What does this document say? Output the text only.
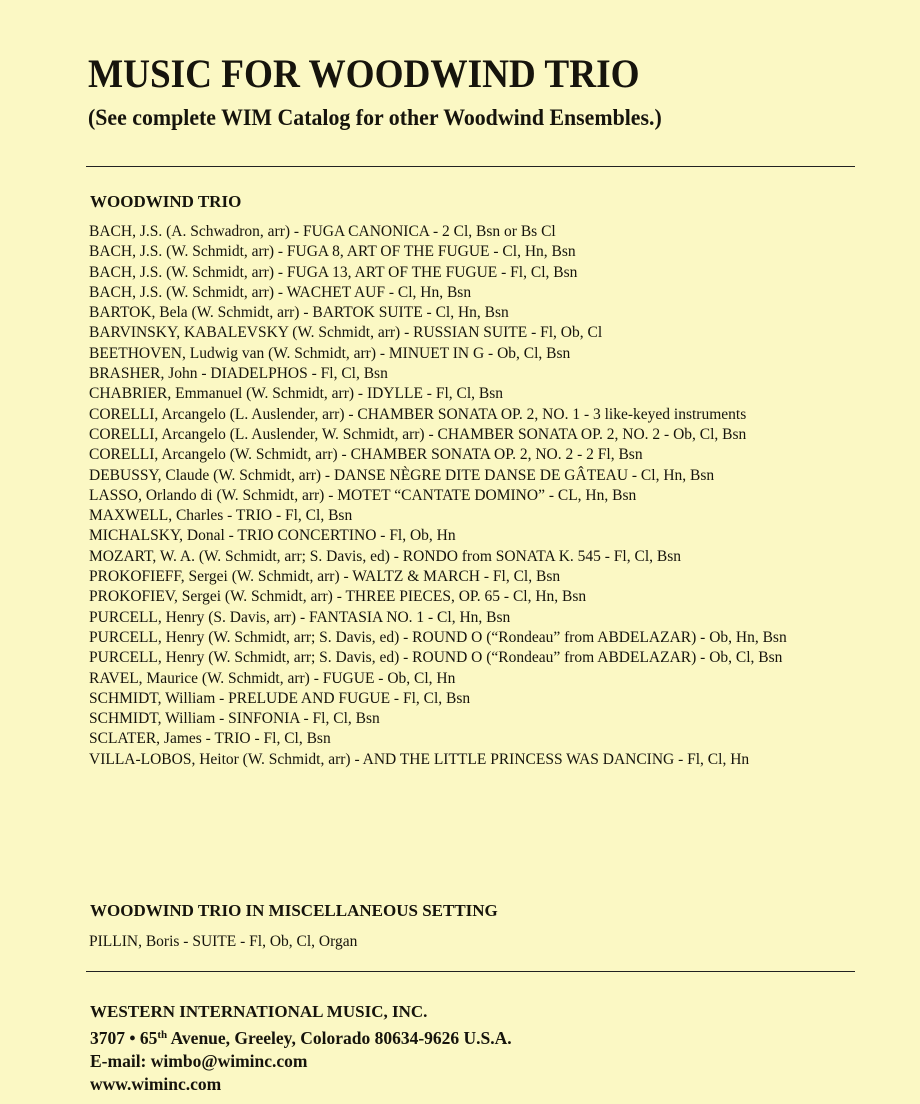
MUSIC FOR WOODWIND TRIO
(See complete WIM Catalog for other Woodwind Ensembles.)
WOODWIND TRIO
BACH, J.S. (A. Schwadron, arr) - FUGA CANONICA - 2 Cl, Bsn or Bs Cl
BACH, J.S. (W. Schmidt, arr) - FUGA 8, ART OF THE FUGUE - Cl, Hn, Bsn
BACH, J.S. (W. Schmidt, arr) - FUGA 13, ART OF THE FUGUE - Fl, Cl, Bsn
BACH, J.S. (W. Schmidt, arr) - WACHET AUF - Cl, Hn, Bsn
BARTOK, Bela (W. Schmidt, arr) - BARTOK SUITE - Cl, Hn, Bsn
BARVINSKY, KABALEVSKY (W. Schmidt, arr) - RUSSIAN SUITE - Fl, Ob, Cl
BEETHOVEN, Ludwig van (W. Schmidt, arr) - MINUET IN G - Ob, Cl, Bsn
BRASHER, John - DIADELPHOS - Fl, Cl, Bsn
CHABRIER, Emmanuel (W. Schmidt, arr) - IDYLLE - Fl, Cl, Bsn
CORELLI, Arcangelo (L. Auslender, arr) - CHAMBER SONATA OP. 2, NO. 1 - 3 like-keyed instruments
CORELLI, Arcangelo (L. Auslender, W. Schmidt, arr) - CHAMBER SONATA OP. 2, NO. 2 - Ob, Cl, Bsn
CORELLI, Arcangelo (W. Schmidt, arr) - CHAMBER SONATA OP. 2, NO. 2 - 2 Fl, Bsn
DEBUSSY, Claude (W. Schmidt, arr) - DANSE NÈGRE DITE DANSE DE GÂTEAU - Cl, Hn, Bsn
LASSO, Orlando di (W. Schmidt, arr) - MOTET “CANTATE DOMINO” - CL, Hn, Bsn
MAXWELL, Charles - TRIO - Fl, Cl, Bsn
MICHALSKY, Donal - TRIO CONCERTINO - Fl, Ob, Hn
MOZART, W. A. (W. Schmidt, arr; S. Davis, ed) - RONDO from SONATA K. 545 - Fl, Cl, Bsn
PROKOFIEFF, Sergei (W. Schmidt, arr) - WALTZ & MARCH - Fl, Cl, Bsn
PROKOFIEV, Sergei (W. Schmidt, arr) - THREE PIECES, OP. 65 - Cl, Hn, Bsn
PURCELL, Henry (S. Davis, arr) - FANTASIA NO. 1 - Cl, Hn, Bsn
PURCELL, Henry (W. Schmidt, arr; S. Davis, ed) - ROUND O (“Rondeau” from ABDELAZAR) - Ob, Hn, Bsn
PURCELL, Henry (W. Schmidt, arr; S. Davis, ed) - ROUND O (“Rondeau” from ABDELAZAR) - Ob, Cl, Bsn
RAVEL, Maurice (W. Schmidt, arr) - FUGUE - Ob, Cl, Hn
SCHMIDT, William - PRELUDE AND FUGUE - Fl, Cl, Bsn
SCHMIDT, William - SINFONIA - Fl, Cl, Bsn
SCLATER, James - TRIO - Fl, Cl, Bsn
VILLA-LOBOS, Heitor (W. Schmidt, arr) - AND THE LITTLE PRINCESS WAS DANCING - Fl, Cl, Hn
WOODWIND TRIO IN MISCELLANEOUS SETTING
PILLIN, Boris - SUITE - Fl, Ob, Cl, Organ
WESTERN INTERNATIONAL MUSIC, INC.
3707 • 65th Avenue, Greeley, Colorado 80634-9626 U.S.A.
E-mail: wimbo@wiminc.com
www.wiminc.com
